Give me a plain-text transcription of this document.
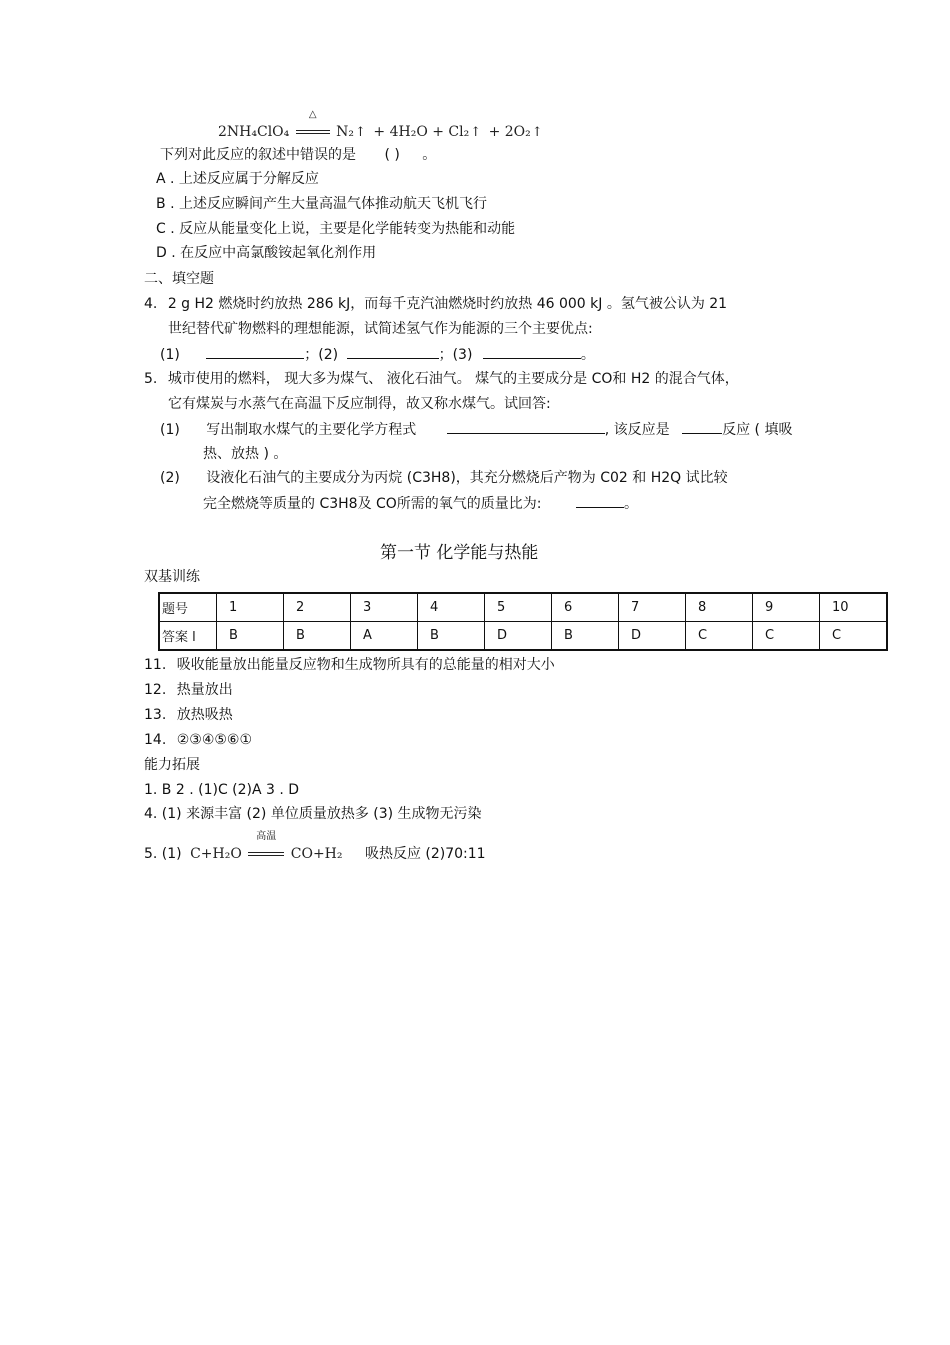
2NH₄ClO₄
△
N₂↑ + 4H₂O + Cl₂↑ + 2O₂↑
下列对此反应的叙述中错误的是 ( ) 。
A . 上述反应属于分解反应
B . 上述反应瞬间产生大量高温气体推动航天飞机飞行
C . 反应从能量变化上说，主要是化学能转变为热能和动能
D . 在反应中高氯酸铵起氧化剂作用
二、填空题
4. 2 g H2 燃烧时约放热 286 kJ，而每千克汽油燃烧时约放热 46 000 kJ 。氢气被公认为 21
世纪替代矿物燃料的理想能源，试简述氢气作为能源的三个主要优点:
(1)	；(2)	；(3)	。
5. 城市使用的燃料， 现大多为煤气、 液化石油气。 煤气的主要成分是 CO和 H2 的混合气体，
它有煤炭与水蒸气在高温下反应制得，故又称水煤气。试回答:
(1) 写出制取水煤气的主要化学方程式	, 该反应是	反应 ( 填吸
热、放热 ) 。
(2) 设液化石油气的主要成分为丙烷 (C3H8)，其充分燃烧后产物为 C02 和 H2Q 试比较
完全燃烧等质量的 C3H8及 CO所需的氧气的质量比为:	。
第一节 化学能与热能
双基训练
题号	1	2	3	4	5	6	7	8	9	10
答案 l	B	B	A	B	D	B	D	C	C	C
11. 吸收能量放出能量反应物和生成物所具有的总能量的相对大小
12. 热量放出
13. 放热吸热
14. ②③④⑤⑥①
能力拓展
1. B 2 . (1)C (2)A 3 . D
4. (1) 来源丰富 (2) 单位质量放热多 (3) 生成物无污染
5. (1) C+H₂O
高温
CO+H₂ 吸热反应 (2)70:11
